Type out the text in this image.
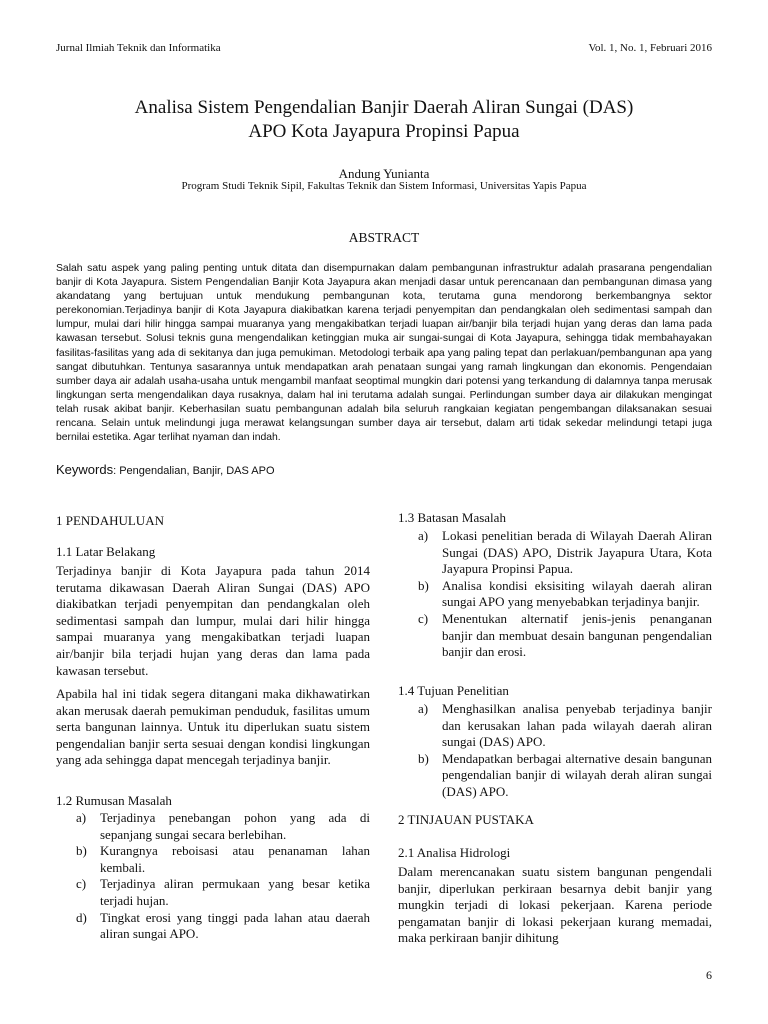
Jurnal Ilmiah Teknik dan Informatika	Vol. 1, No. 1, Februari 2016
Analisa Sistem Pengendalian Banjir Daerah Aliran Sungai (DAS)
APO Kota Jayapura Propinsi Papua
Andung Yunianta
Program Studi Teknik Sipil, Fakultas Teknik dan Sistem Informasi, Universitas Yapis Papua
ABSTRACT
Salah satu aspek yang paling penting untuk ditata dan disempurnakan dalam pembangunan infrastruktur adalah prasarana pengendalian banjir di Kota Jayapura. Sistem Pengendalian Banjir Kota Jayapura akan menjadi dasar untuk perencanaan dan pembangunan dimasa yang akandatang yang bertujuan untuk mendukung pembangunan kota, terutama guna mendorong berkembangnya sektor perekonomian.Terjadinya banjir di Kota Jayapura diakibatkan karena terjadi penyempitan dan pendangkalan oleh sedimentasi sampah dan lumpur, mulai dari hilir hingga sampai muaranya yang mengakibatkan terjadi luapan air/banjir bila terjadi hujan yang deras dan lama pada kawasan tersebut. Solusi teknis guna mengendalikan ketinggian muka air sungai-sungai di Kota Jayapura, sehingga tidak membahayakan fasilitas-fasilitas yang ada di sekitanya dan juga pemukiman. Metodologi terbaik apa yang paling tepat dan perlakuan/pembangunan apa yang sangat dibutuhkan. Tentunya sasarannya untuk mendapatkan arah penataan sungai yang ramah lingkungan dan ekonomis. Pengendaian sumber daya air adalah usaha-usaha untuk mengambil manfaat seoptimal mungkin dari potensi yang terkandung di dalamnya tanpa merusak lingkungan serta mengendalikan daya rusaknya, dalam hal ini terutama adalah sungai. Perlindungan sumber daya air dilakukan mengingat telah rusak akibat banjir. Keberhasilan suatu pembangunan adalah bila seluruh rangkaian kegiatan pengembangan dilaksanakan sesuai rencana. Selain untuk melindungi juga merawat kelangsungan sumber daya air tersebut, dalam arti tidak sekedar melindungi tetapi juga bernilai estetika. Agar terlihat nyaman dan indah.
Keywords: Pengendalian, Banjir, DAS APO
1 PENDAHULUAN
1.1 Latar Belakang
Terjadinya banjir di Kota Jayapura pada tahun 2014 terutama dikawasan Daerah Aliran Sungai (DAS) APO diakibatkan terjadi penyempitan dan pendangkalan oleh sedimentasi sampah dan lumpur, mulai dari hilir hingga sampai muaranya yang mengakibatkan terjadi luapan air/banjir bila terjadi hujan yang deras dan lama pada kawasan tersebut.
Apabila hal ini tidak segera ditangani maka dikhawatirkan akan merusak daerah pemukiman penduduk, fasilitas umum serta bangunan lainnya. Untuk itu diperlukan suatu sistem pengendalian banjir serta sesuai dengan kondisi lingkungan yang ada sehingga dapat mencegah terjadinya banjir.
1.2 Rumusan Masalah
a) Terjadinya penebangan pohon yang ada di sepanjang sungai secara berlebihan.
b) Kurangnya reboisasi atau penanaman lahan kembali.
c) Terjadinya aliran permukaan yang besar ketika terjadi hujan.
d) Tingkat erosi yang tinggi pada lahan atau daerah aliran sungai APO.
1.3 Batasan Masalah
a) Lokasi penelitian berada di Wilayah Daerah Aliran Sungai (DAS) APO, Distrik Jayapura Utara, Kota Jayapura Propinsi Papua.
b) Analisa kondisi eksisiting wilayah daerah aliran sungai APO yang menyebabkan terjadinya banjir.
c) Menentukan alternatif jenis-jenis penanganan banjir dan membuat desain bangunan pengendalian banjir dan erosi.
1.4 Tujuan Penelitian
a) Menghasilkan analisa penyebab terjadinya banjir dan kerusakan lahan pada wilayah daerah aliran sungai (DAS) APO.
b) Mendapatkan berbagai alternative desain bangunan pengendalian banjir di wilayah derah aliran sungai (DAS) APO.
2 TINJAUAN PUSTAKA
2.1 Analisa Hidrologi
Dalam merencanakan suatu sistem bangunan pengendali banjir, diperlukan perkiraan besarnya debit banjir yang mungkin terjadi di lokasi pekerjaan. Karena periode pengamatan banjir di lokasi pekerjaan kurang memadai, maka perkiraan banjir dihitung
6
